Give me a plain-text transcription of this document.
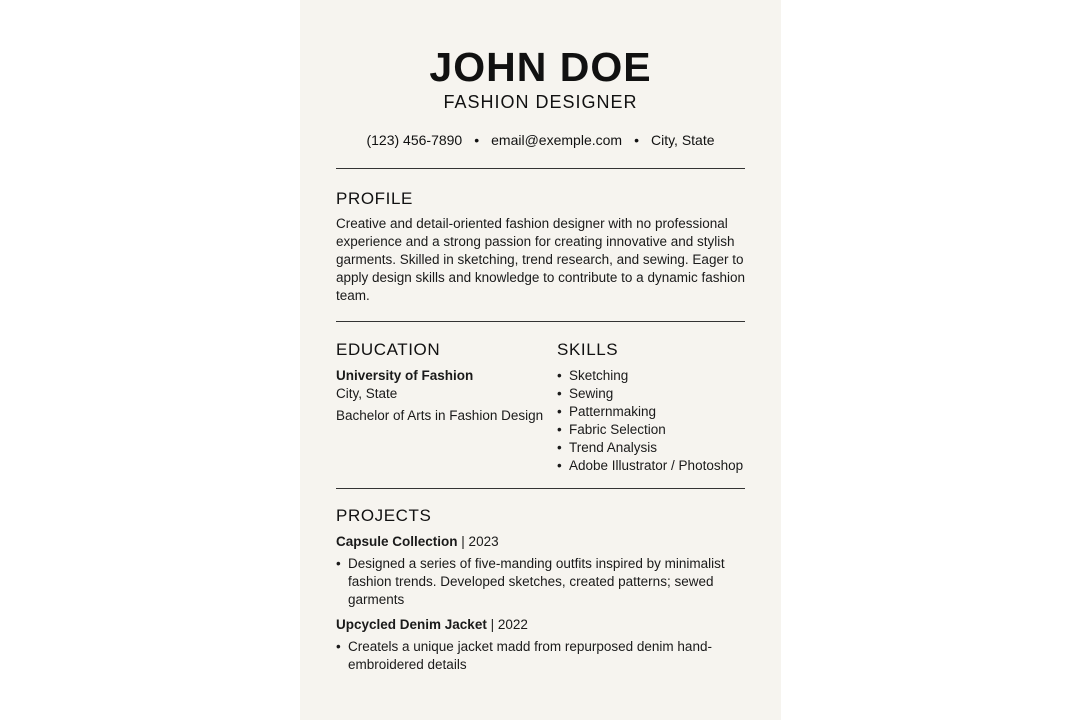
JOHN DOE
FASHION DESIGNER
(123) 456-7890 • email@exemple.com • City, State
PROFILE
Creative and detail-oriented fashion designer with no professional experience and a strong passion for creating innovative and stylish garments. Skilled in sketching, trend research, and sewing. Eager to apply design skills and knowledge to contribute to a dynamic fashion team.
EDUCATION
University of Fashion
City, State
Bachelor of Arts in Fashion Design
SKILLS
• Sketching
• Sewing
• Patternmaking
• Fabric Selection
• Trend Analysis
• Adobe Illustrator / Photoshop
PROJECTS
Capsule Collection | 2023
• Designed a series of five-manding outfits inspired by minimalist fashion trends. Developed sketches, created patterns; sewed garments
Upcycled Denim Jacket | 2022
• Createls a unique jacket madd from repurposed denim hand-embroidered details
